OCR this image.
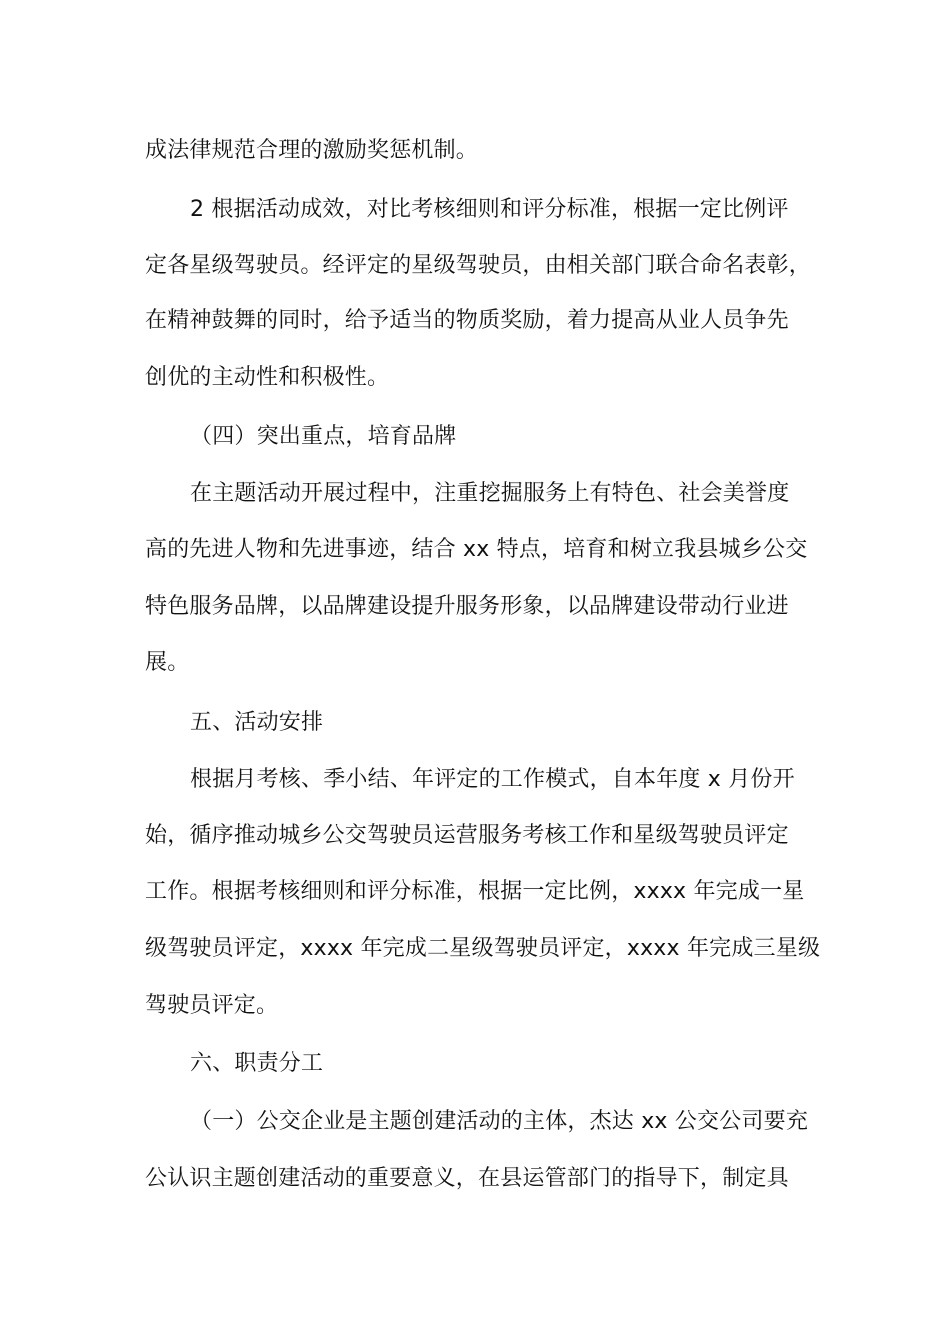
成法律规范合理的激励奖惩机制。
2 根据活动成效，对比考核细则和评分标准，根据一定比例评
定各星级驾驶员。经评定的星级驾驶员，由相关部门联合命名表彰，
在精神鼓舞的同时，给予适当的物质奖励，着力提高从业人员争先
创优的主动性和积极性。
（四）突出重点，培育品牌
在主题活动开展过程中，注重挖掘服务上有特色、社会美誉度
高的先进人物和先进事迹，结合 xx 特点，培育和树立我县城乡公交
特色服务品牌，以品牌建设提升服务形象，以品牌建设带动行业进
展。
五、活动安排
根据月考核、季小结、年评定的工作模式，自本年度 x 月份开
始，循序推动城乡公交驾驶员运营服务考核工作和星级驾驶员评定
工作。根据考核细则和评分标准，根据一定比例，xxxx 年完成一星
级驾驶员评定，xxxx 年完成二星级驾驶员评定，xxxx 年完成三星级
驾驶员评定。
六、职责分工
（一）公交企业是主题创建活动的主体，杰达 xx 公交公司要充
公认识主题创建活动的重要意义，在县运管部门的指导下，制定具
